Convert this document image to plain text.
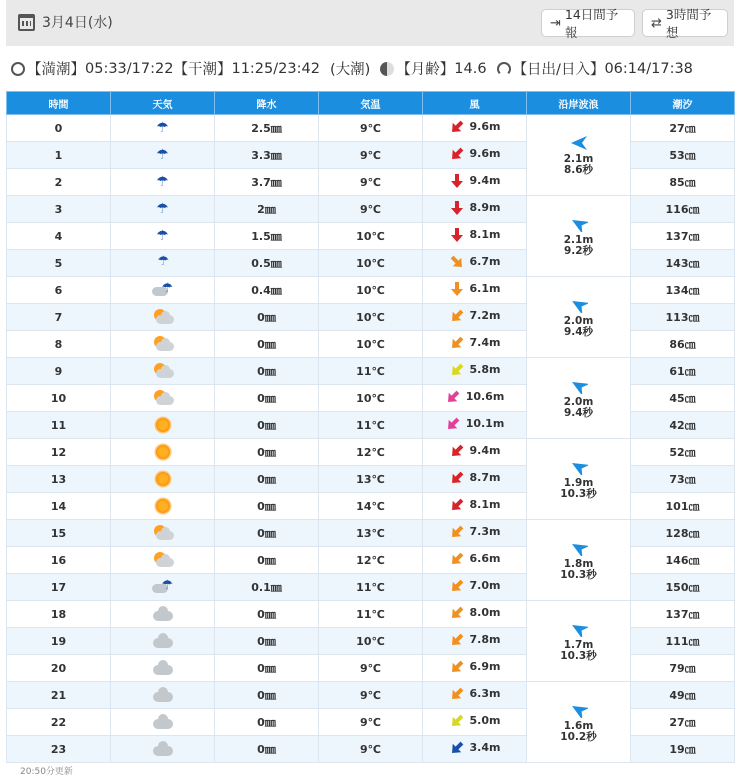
3月4日(水)	⇥
14日間予報
⇄
3時間予想
【満潮】 05:33/17:22 【干潮】 11:25/23:42 (大潮) 【月齢】 14.6 【日出/日入】 06:14/17:38
時間	天気	降水	気温	風	沿岸波浪	潮汐
0	☂	2.5㎜	9℃	9.6m	2.1m
8.6秒	27㎝
1	☂	3.3㎜	9℃	9.6m		53㎝
2	☂	3.7㎜	9℃	9.4m		85㎝
3	☂	2㎜	9℃	8.9m	2.1m
9.2秒	116㎝
4	☂	1.5㎜	10℃	8.1m		137㎝
5	☂	0.5㎜	10℃	6.7m		143㎝
6	☂	0.4㎜	10℃	6.1m	2.0m
9.4秒	134㎝
7		0㎜	10℃	7.2m		113㎝
8		0㎜	10℃	7.4m		86㎝
9		0㎜	11℃	5.8m	2.0m
9.4秒	61㎝
10		0㎜	10℃	10.6m		45㎝
11		0㎜	11℃	10.1m		42㎝
12		0㎜	12℃	9.4m	1.9m
10.3秒	52㎝
13		0㎜	13℃	8.7m		73㎝
14		0㎜	14℃	8.1m		101㎝
15		0㎜	13℃	7.3m	1.8m
10.3秒	128㎝
16		0㎜	12℃	6.6m		146㎝
17	☂	0.1㎜	11℃	7.0m		150㎝
18		0㎜	11℃	8.0m	1.7m
10.3秒	137㎝
19		0㎜	10℃	7.8m		111㎝
20		0㎜	9℃	6.9m		79㎝
21		0㎜	9℃	6.3m	1.6m
10.2秒	49㎝
22		0㎜	9℃	5.0m		27㎝
23		0㎜	9℃	3.4m		19㎝
20:50分更新
